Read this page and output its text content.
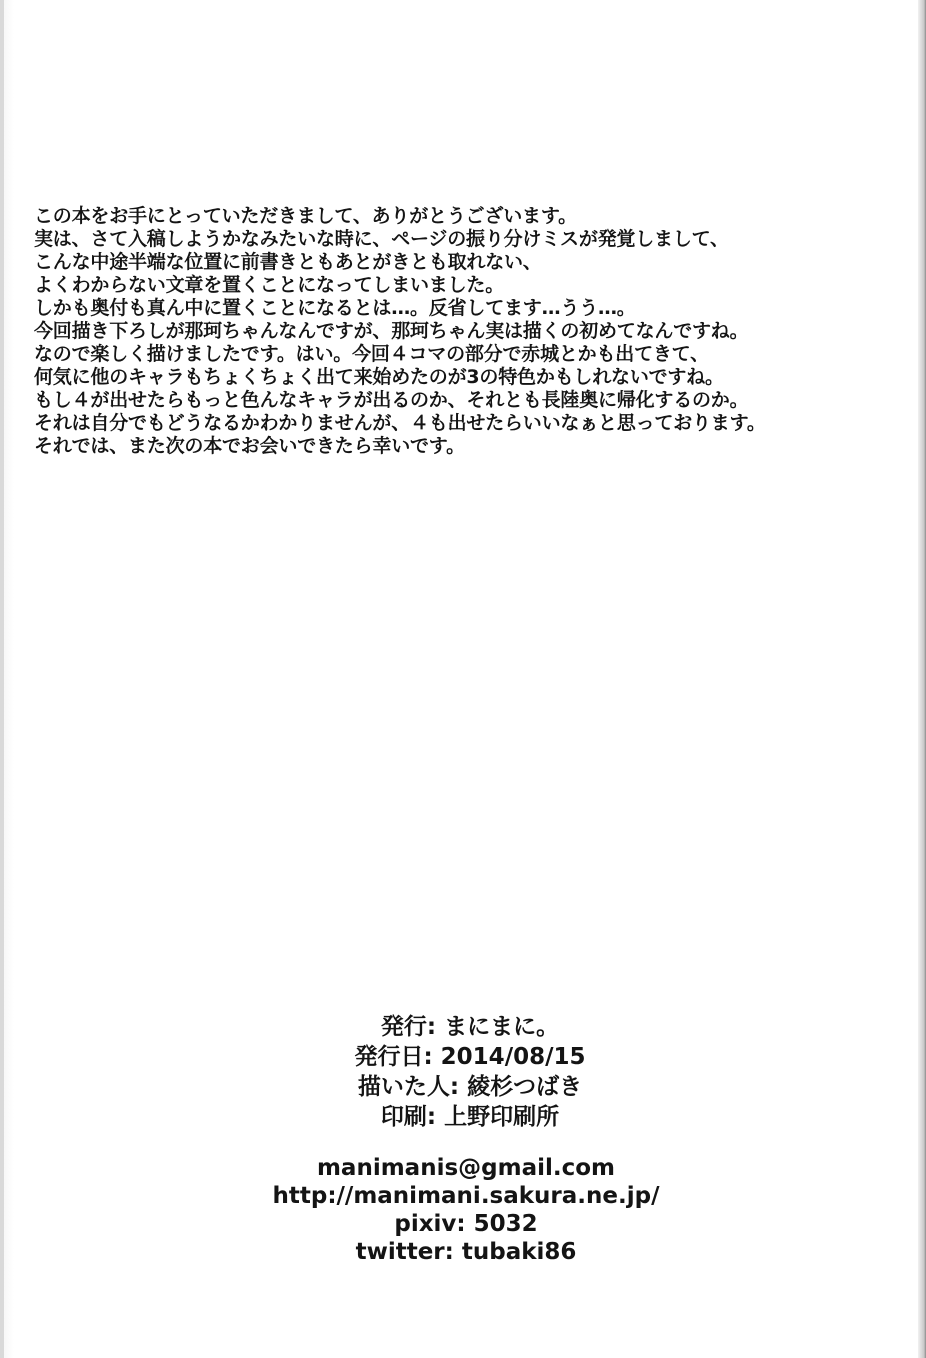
この本をお手にとっていただきまして、ありがとうございます。
実は、さて入稿しようかなみたいな時に、ページの振り分けミスが発覚しまして、
こんな中途半端な位置に前書きともあとがきとも取れない、
よくわからない文章を置くことになってしまいました。
しかも奥付も真ん中に置くことになるとは…。反省してます…うう…。
今回描き下ろしが那珂ちゃんなんですが、那珂ちゃん実は描くの初めてなんですね。
なので楽しく描けましたです。はい。今回４コマの部分で赤城とかも出てきて、
何気に他のキャラもちょくちょく出て来始めたのが3の特色かもしれないですね。
もし４が出せたらもっと色んなキャラが出るのか、それとも長陸奥に帰化するのか。
それは自分でもどうなるかわかりませんが、４も出せたらいいなぁと思っております。
それでは、また次の本でお会いできたら幸いです。
発行: まにまに。
発行日: 2014/08/15
描いた人: 綾杉つばき
印刷: 上野印刷所
manimanis@gmail.com
http://manimani.sakura.ne.jp/
pixiv: 5032
twitter: tubaki86
